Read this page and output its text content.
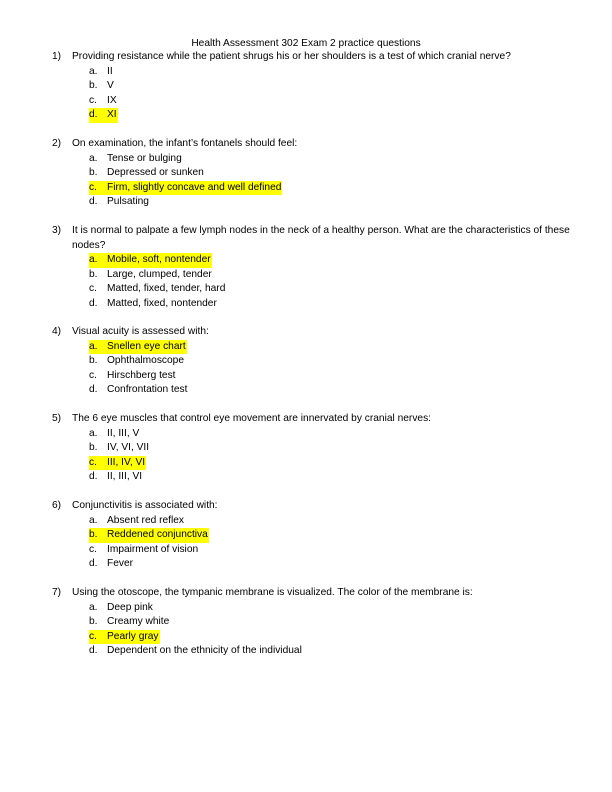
Health Assessment 302 Exam 2 practice questions
1)	Providing resistance while the patient shrugs his or her shoulders is a test of which cranial nerve?
a. II
b. V
c. IX
d. XI
2)	On examination, the infant’s fontanels should feel:
a. Tense or bulging
b. Depressed or sunken
c. Firm, slightly concave and well defined
d. Pulsating
3)	It is normal to palpate a few lymph nodes in the neck of a healthy person. What are the characteristics of these nodes?
a. Mobile, soft, nontender
b. Large, clumped, tender
c. Matted, fixed, tender, hard
d. Matted, fixed, nontender
4)	Visual acuity is assessed with:
a. Snellen eye chart
b. Ophthalmoscope
c. Hirschberg test
d. Confrontation test
5)	The 6 eye muscles that control eye movement are innervated by cranial nerves:
a. II, III, V
b. IV, VI, VII
c. III, IV, VI
d. II, III, VI
6)	Conjunctivitis is associated with:
a. Absent red reflex
b. Reddened conjunctiva
c. Impairment of vision
d. Fever
7)	Using the otoscope, the tympanic membrane is visualized. The color of the membrane is:
a. Deep pink
b. Creamy white
c. Pearly gray
d. Dependent on the ethnicity of the individual
